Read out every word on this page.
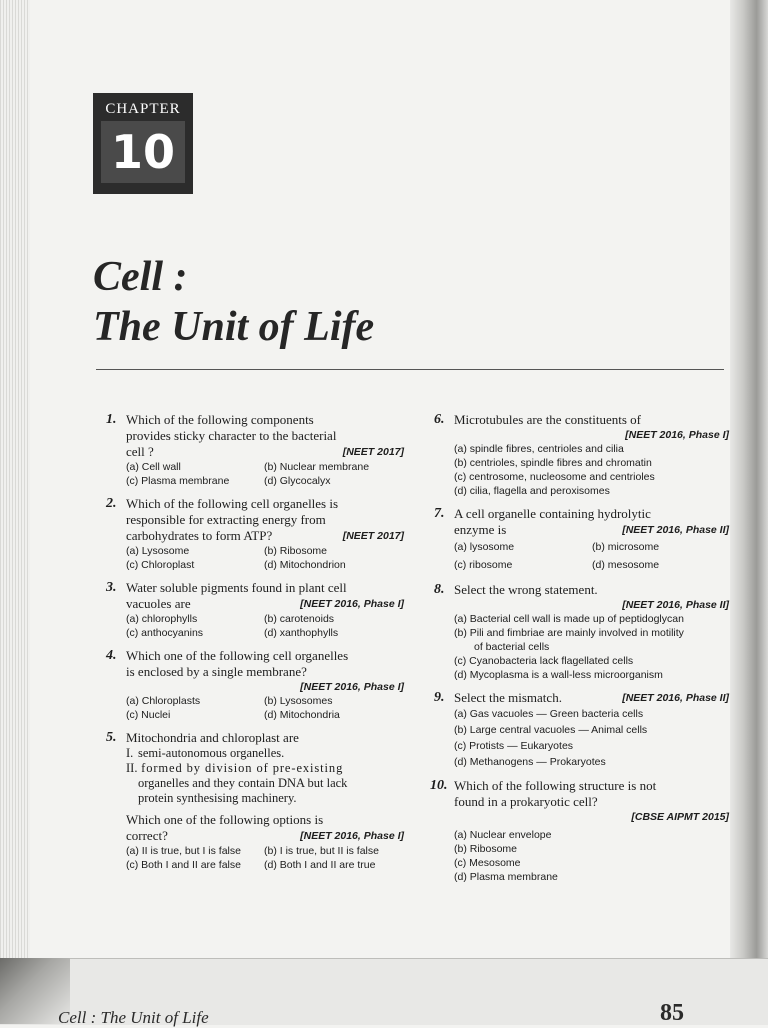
CHAPTER
10
Cell :
The Unit of Life
1. Which of the following components
provides sticky character to the bacterial
cell ?	[NEET 2017]
(a) Cell wall	(b) Nuclear membrane
(c) Plasma membrane	(d) Glycocalyx
2. Which of the following cell organelles is
responsible for extracting energy from
carbohydrates to form ATP?	[NEET 2017]
(a) Lysosome	(b) Ribosome
(c) Chloroplast	(d) Mitochondrion
3. Water soluble pigments found in plant cell
vacuoles are	[NEET 2016, Phase I]
(a) chlorophylls	(b) carotenoids
(c) anthocyanins	(d) xanthophylls
4. Which one of the following cell organelles
is enclosed by a single membrane?
[NEET 2016, Phase I]
(a) Chloroplasts	(b) Lysosomes
(c) Nuclei	(d) Mitochondria
5. Mitochondria and chloroplast are
I. semi-autonomous organelles.
II. formed by division of pre-existing
organelles and they contain DNA but lack
protein synthesising machinery.
Which one of the following options is
correct?	[NEET 2016, Phase I]
(a) II is true, but I is false	(b) I is true, but II is false
(c) Both I and II are false	(d) Both I and II are true
6. Microtubules are the constituents of
[NEET 2016, Phase I]
(a) spindle fibres, centrioles and cilia
(b) centrioles, spindle fibres and chromatin
(c) centrosome, nucleosome and centrioles
(d) cilia, flagella and peroxisomes
7. A cell organelle containing hydrolytic
enzyme is	[NEET 2016, Phase II]
(a) lysosome	(b) microsome
(c) ribosome	(d) mesosome
8. Select the wrong statement.
[NEET 2016, Phase II]
(a) Bacterial cell wall is made up of peptidoglycan
(b) Pili and fimbriae are mainly involved in motility
of bacterial cells
(c) Cyanobacteria lack flagellated cells
(d) Mycoplasma is a wall-less microorganism
9. Select the mismatch.	[NEET 2016, Phase II]
(a) Gas vacuoles — Green bacteria cells
(b) Large central vacuoles — Animal cells
(c) Protists — Eukaryotes
(d) Methanogens — Prokaryotes
10. Which of the following structure is not
found in a prokaryotic cell?
[CBSE AIPMT 2015]
(a) Nuclear envelope
(b) Ribosome
(c) Mesosome
(d) Plasma membrane
Cell : The Unit of Life	85
